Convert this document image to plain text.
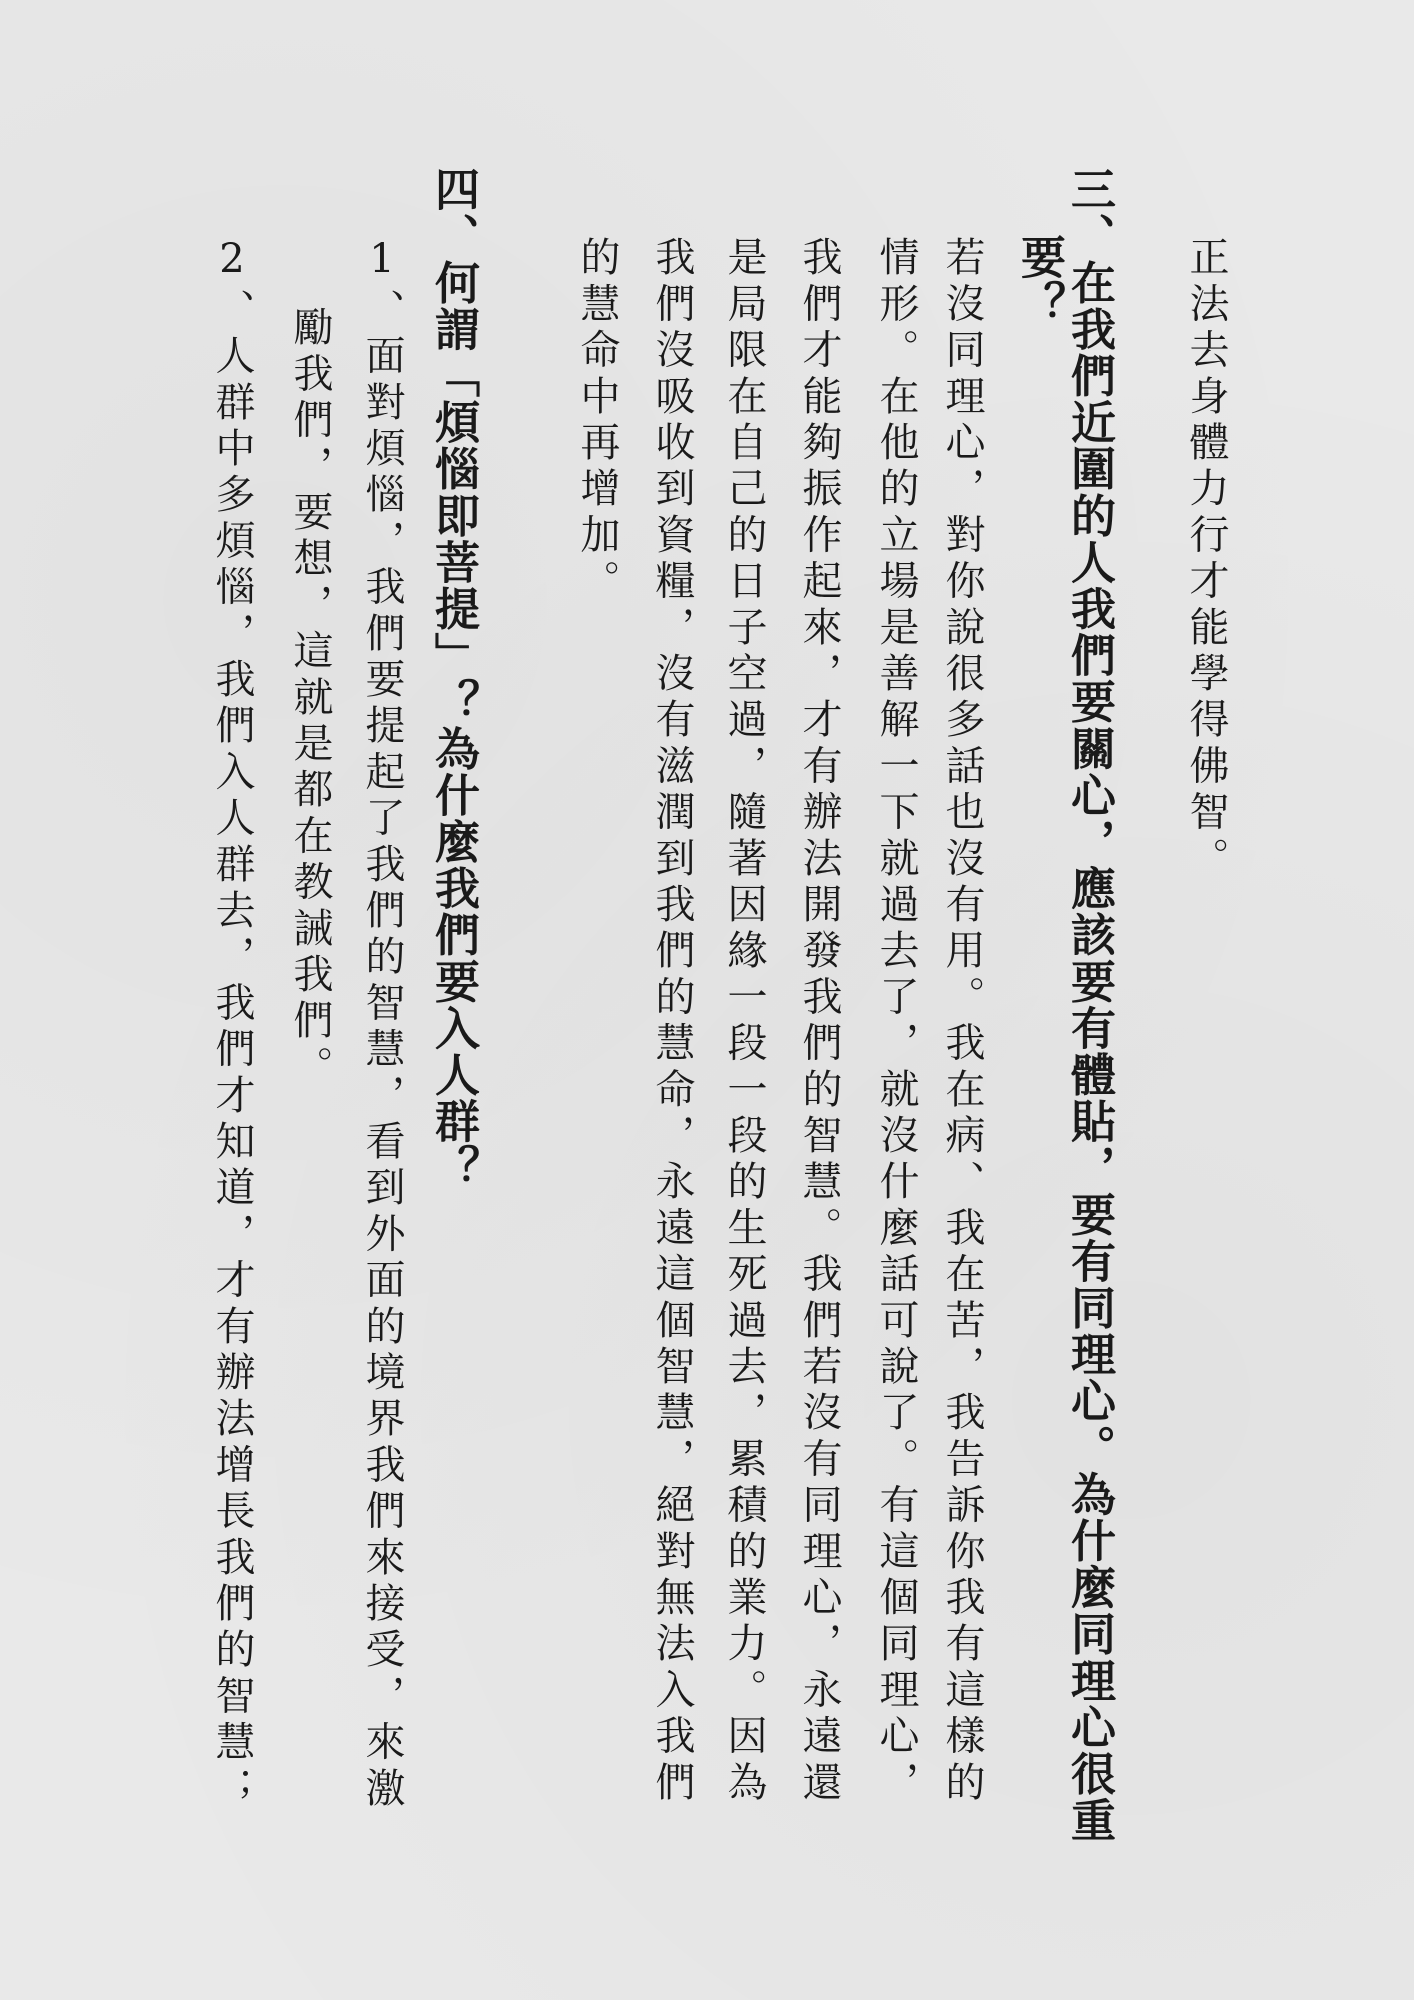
正法去身體力行才能學得佛智。

三、在我們近圍的人我們要關心，應該要有體貼，要有同理心。為什麼同理心很重

要？

若沒同理心，對你說很多話也沒有用。我在病、我在苦，我告訴你我有這樣的

情形。在他的立場是善解一下就過去了，就沒什麼話可說了。有這個同理心，

我們才能夠振作起來，才有辦法開發我們的智慧。我們若沒有同理心，永遠還

是局限在自己的日子空過，隨著因緣一段一段的生死過去，累積的業力。因為

我們沒吸收到資糧，沒有滋潤到我們的慧命，永遠這個智慧，絕對無法入我們

的慧命中再增加。

四、何謂「煩惱即菩提」？為什麼我們要入人群？

1、面對煩惱，我們要提起了我們的智慧，看到外面的境界我們來接受，來激

勵我們，要想，這就是都在教誡我們。

2、人群中多煩惱，我們入人群去，我們才知道，才有辦法增長我們的智慧；
